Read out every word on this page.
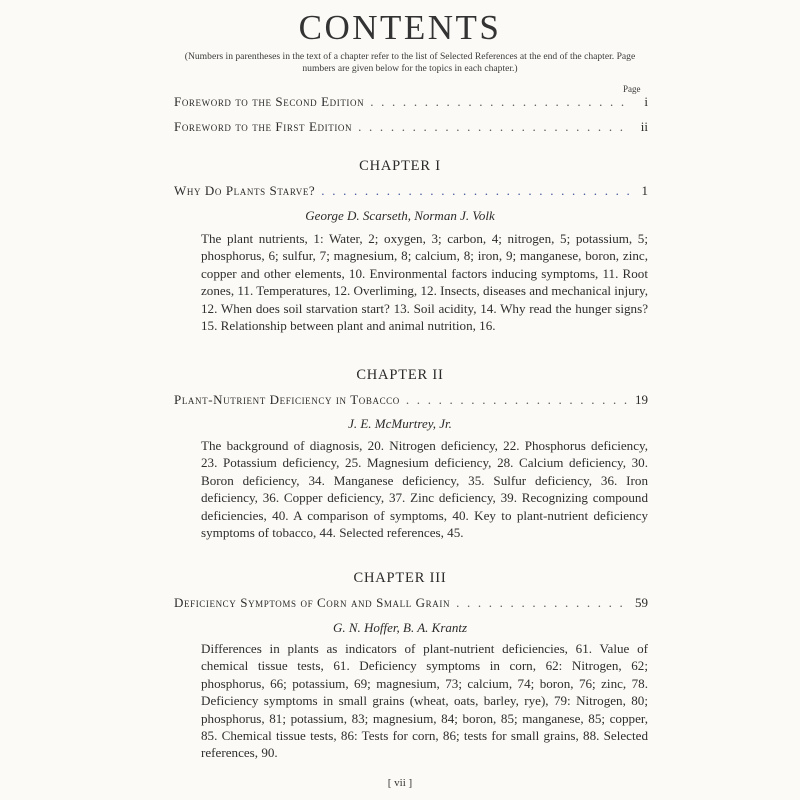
CONTENTS
(Numbers in parentheses in the text of a chapter refer to the list of Selected References at the end of the chapter. Page numbers are given below for the topics in each chapter.)
Page
Foreword to the Second Edition . . .	i
Foreword to the First Edition . . .	ii
CHAPTER I
Why Do Plants Starve? . . .	1
George D. Scarseth, Norman J. Volk
The plant nutrients, 1: Water, 2; oxygen, 3; carbon, 4; nitrogen, 5; potassium, 5; phosphorus, 6; sulfur, 7; magnesium, 8; calcium, 8; iron, 9; manganese, boron, zinc, copper and other elements, 10. Environmental factors inducing symptoms, 11. Root zones, 11. Temperatures, 12. Overliming, 12. Insects, diseases and mechanical injury, 12. When does soil starvation start? 13. Soil acidity, 14. Why read the hunger signs? 15. Relationship between plant and animal nutrition, 16.
CHAPTER II
Plant-Nutrient Deficiency in Tobacco . . .	19
J. E. McMurtrey, Jr.
The background of diagnosis, 20. Nitrogen deficiency, 22. Phosphorus deficiency, 23. Potassium deficiency, 25. Magnesium deficiency, 28. Calcium deficiency, 30. Boron deficiency, 34. Manganese deficiency, 35. Sulfur deficiency, 36. Iron deficiency, 36. Copper deficiency, 37. Zinc deficiency, 39. Recognizing compound deficiencies, 40. A comparison of symptoms, 40. Key to plant-nutrient deficiency symptoms of tobacco, 44. Selected references, 45.
CHAPTER III
Deficiency Symptoms of Corn and Small Grain . . .	59
G. N. Hoffer, B. A. Krantz
Differences in plants as indicators of plant-nutrient deficiencies, 61. Value of chemical tissue tests, 61. Deficiency symptoms in corn, 62: Nitrogen, 62; phosphorus, 66; potassium, 69; magnesium, 73; calcium, 74; boron, 76; zinc, 78. Deficiency symptoms in small grains (wheat, oats, barley, rye), 79: Nitrogen, 80; phosphorus, 81; potassium, 83; magnesium, 84; boron, 85; manganese, 85; copper, 85. Chemical tissue tests, 86: Tests for corn, 86; tests for small grains, 88. Selected references, 90.
[ vii ]
